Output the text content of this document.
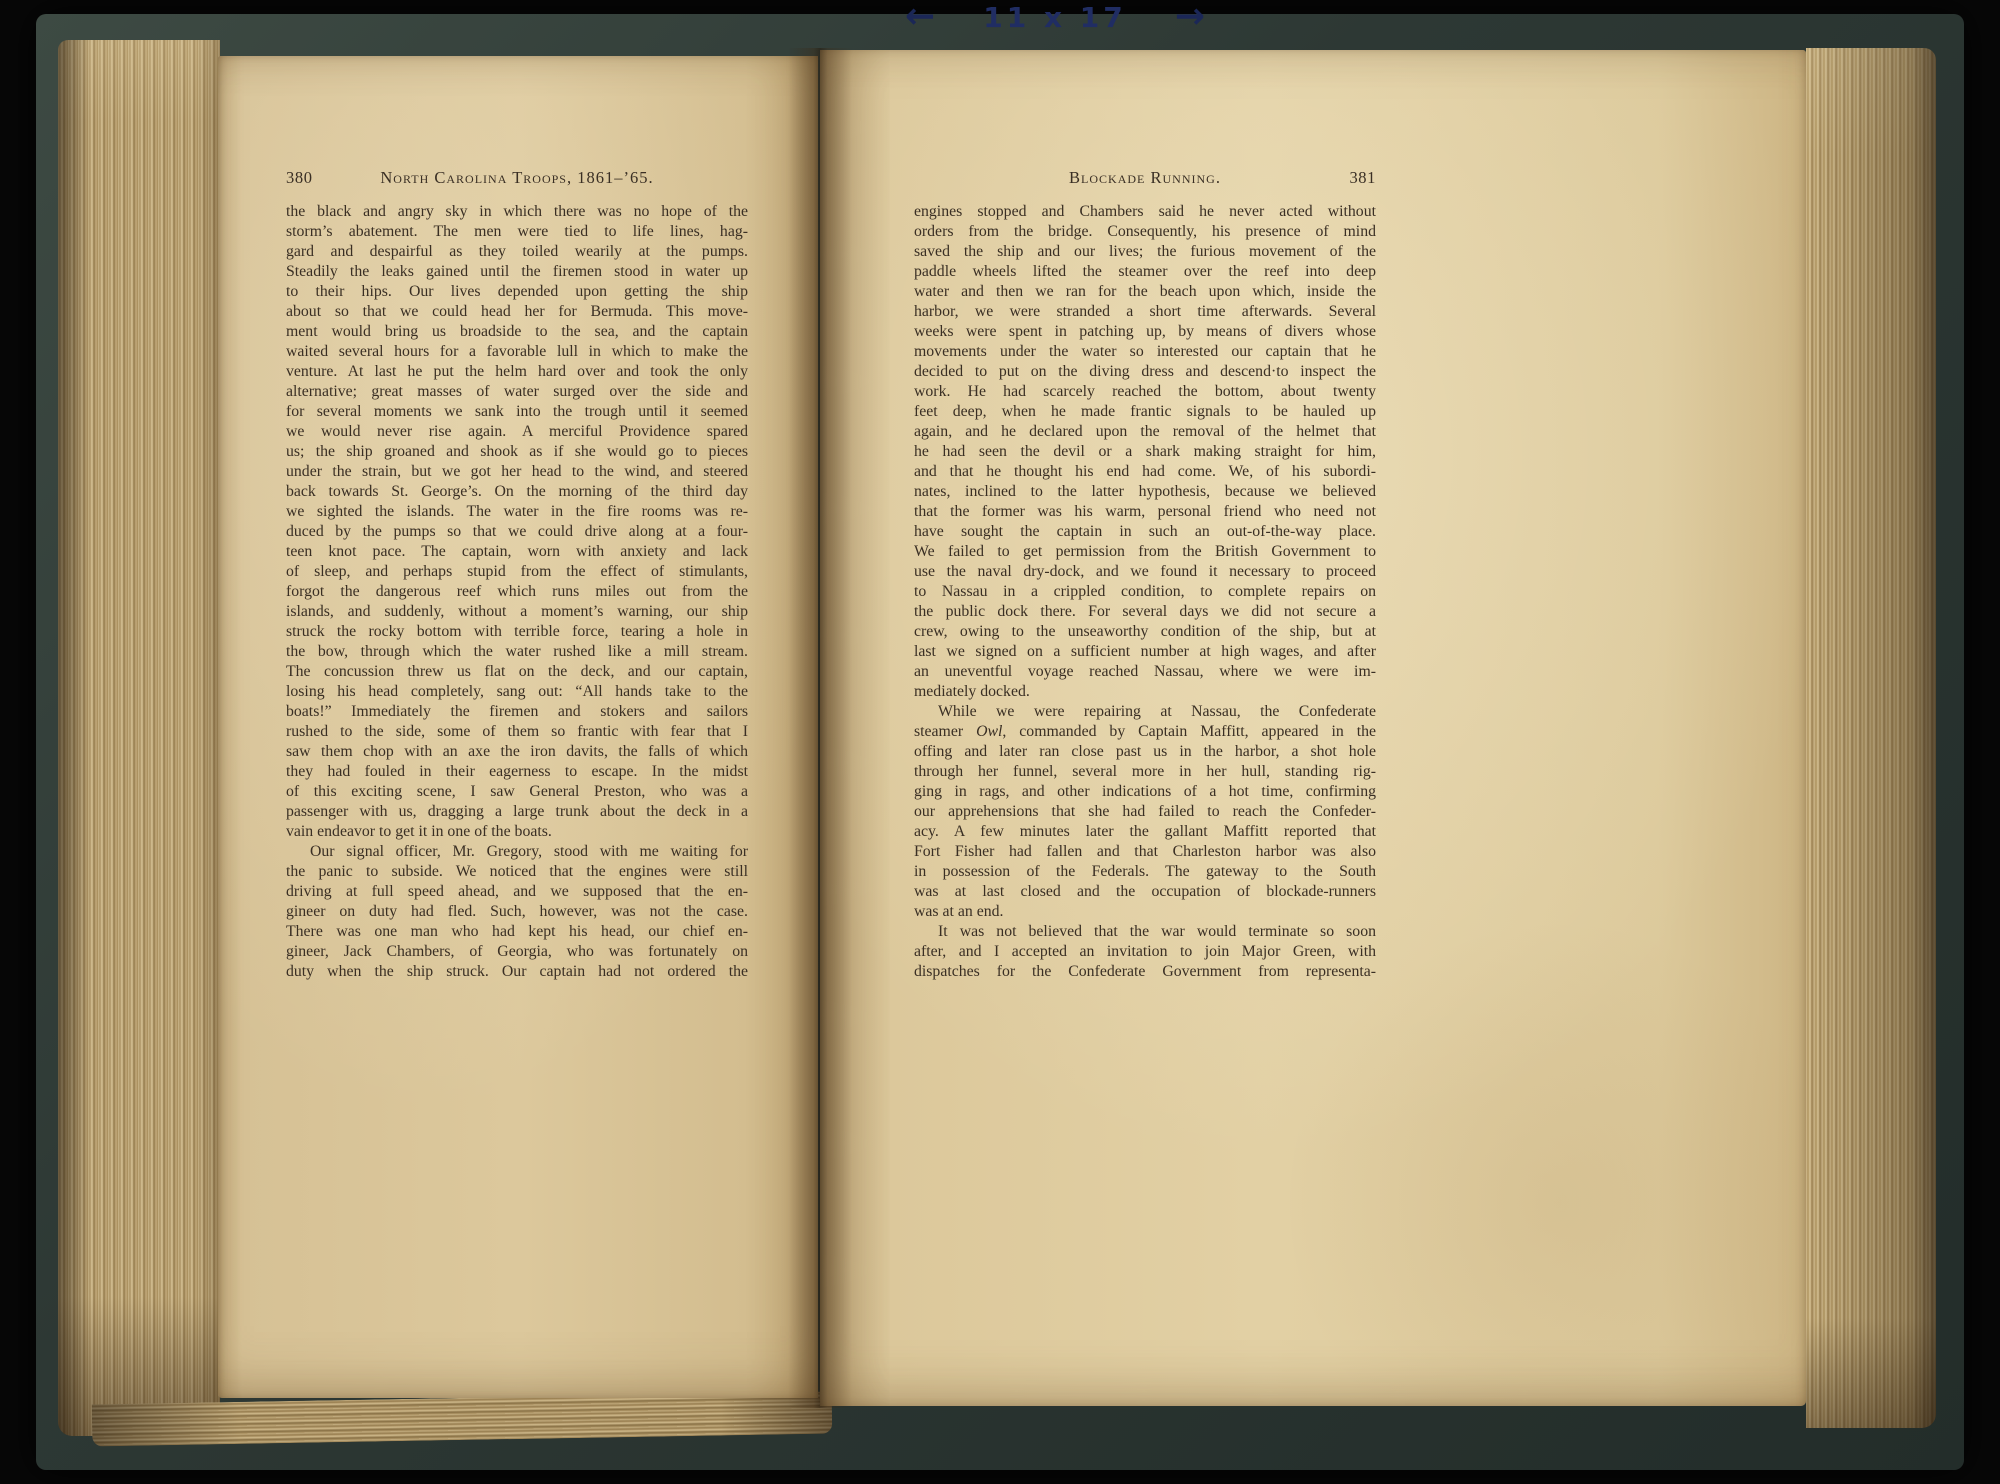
← 11 x 17 →
380	North Carolina Troops, 1861–’65.
the black and angry sky in which there was no hope of the
storm’s abatement. The men were tied to life lines, hag-
gard and despairful as they toiled wearily at the pumps.
Steadily the leaks gained until the firemen stood in water up
to their hips. Our lives depended upon getting the ship
about so that we could head her for Bermuda. This move-
ment would bring us broadside to the sea, and the captain
waited several hours for a favorable lull in which to make the
venture. At last he put the helm hard over and took the only
alternative; great masses of water surged over the side and
for several moments we sank into the trough until it seemed
we would never rise again. A merciful Providence spared
us; the ship groaned and shook as if she would go to pieces
under the strain, but we got her head to the wind, and steered
back towards St. George’s. On the morning of the third day
we sighted the islands. The water in the fire rooms was re-
duced by the pumps so that we could drive along at a four-
teen knot pace. The captain, worn with anxiety and lack
of sleep, and perhaps stupid from the effect of stimulants,
forgot the dangerous reef which runs miles out from the
islands, and suddenly, without a moment’s warning, our ship
struck the rocky bottom with terrible force, tearing a hole in
the bow, through which the water rushed like a mill stream.
The concussion threw us flat on the deck, and our captain,
losing his head completely, sang out: “All hands take to the
boats!” Immediately the firemen and stokers and sailors
rushed to the side, some of them so frantic with fear that I
saw them chop with an axe the iron davits, the falls of which
they had fouled in their eagerness to escape. In the midst
of this exciting scene, I saw General Preston, who was a
passenger with us, dragging a large trunk about the deck in a
vain endeavor to get it in one of the boats.
Our signal officer, Mr. Gregory, stood with me waiting for
the panic to subside. We noticed that the engines were still
driving at full speed ahead, and we supposed that the en-
gineer on duty had fled. Such, however, was not the case.
There was one man who had kept his head, our chief en-
gineer, Jack Chambers, of Georgia, who was fortunately on
duty when the ship struck. Our captain had not ordered the
Blockade Running.	381
engines stopped and Chambers said he never acted without
orders from the bridge. Consequently, his presence of mind
saved the ship and our lives; the furious movement of the
paddle wheels lifted the steamer over the reef into deep
water and then we ran for the beach upon which, inside the
harbor, we were stranded a short time afterwards. Several
weeks were spent in patching up, by means of divers whose
movements under the water so interested our captain that he
decided to put on the diving dress and descend·to inspect the
work. He had scarcely reached the bottom, about twenty
feet deep, when he made frantic signals to be hauled up
again, and he declared upon the removal of the helmet that
he had seen the devil or a shark making straight for him,
and that he thought his end had come. We, of his subordi-
nates, inclined to the latter hypothesis, because we believed
that the former was his warm, personal friend who need not
have sought the captain in such an out-of-the-way place.
We failed to get permission from the British Government to
use the naval dry-dock, and we found it necessary to proceed
to Nassau in a crippled condition, to complete repairs on
the public dock there. For several days we did not secure a
crew, owing to the unseaworthy condition of the ship, but at
last we signed on a sufficient number at high wages, and after
an uneventful voyage reached Nassau, where we were im-
mediately docked.
While we were repairing at Nassau, the Confederate
steamer Owl, commanded by Captain Maffitt, appeared in the
offing and later ran close past us in the harbor, a shot hole
through her funnel, several more in her hull, standing rig-
ging in rags, and other indications of a hot time, confirming
our apprehensions that she had failed to reach the Confeder-
acy. A few minutes later the gallant Maffitt reported that
Fort Fisher had fallen and that Charleston harbor was also
in possession of the Federals. The gateway to the South
was at last closed and the occupation of blockade-runners
was at an end.
It was not believed that the war would terminate so soon
after, and I accepted an invitation to join Major Green, with
dispatches for the Confederate Government from representa-
